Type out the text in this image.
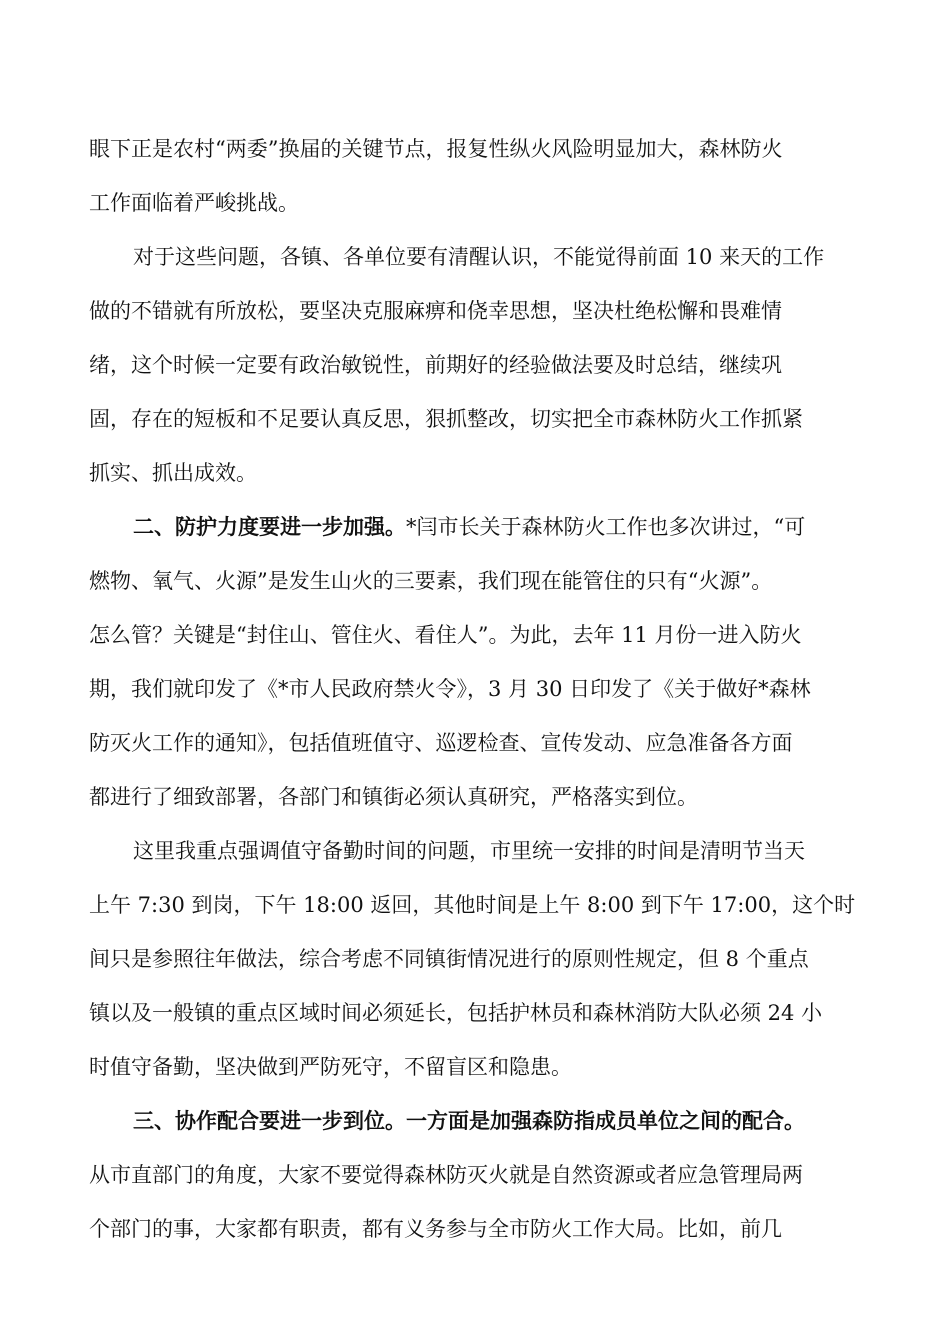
眼下正是农村“两委”换届的关键节点，报复性纵火风险明显加大，森林防火
工作面临着严峻挑战。
对于这些问题，各镇、各单位要有清醒认识，不能觉得前面 10 来天的工作
做的不错就有所放松，要坚决克服麻痹和侥幸思想，坚决杜绝松懈和畏难情
绪，这个时候一定要有政治敏锐性，前期好的经验做法要及时总结，继续巩
固，存在的短板和不足要认真反思，狠抓整改，切实把全市森林防火工作抓紧
抓实、抓出成效。
二、防护力度要进一步加强。*闫市长关于森林防火工作也多次讲过，“可
燃物、氧气、火源”是发生山火的三要素，我们现在能管住的只有“火源”。
怎么管？关键是“封住山、管住火、看住人”。为此，去年 11 月份一进入防火
期，我们就印发了《*市人民政府禁火令》，3 月 30 日印发了《关于做好*森林
防灭火工作的通知》，包括值班值守、巡逻检查、宣传发动、应急准备各方面
都进行了细致部署，各部门和镇街必须认真研究，严格落实到位。
这里我重点强调值守备勤时间的问题，市里统一安排的时间是清明节当天
上午 7:30 到岗，下午 18:00 返回，其他时间是上午 8:00 到下午 17:00，这个时
间只是参照往年做法，综合考虑不同镇街情况进行的原则性规定，但 8 个重点
镇以及一般镇的重点区域时间必须延长，包括护林员和森林消防大队必须 24 小
时值守备勤，坚决做到严防死守，不留盲区和隐患。
三、协作配合要进一步到位。一方面是加强森防指成员单位之间的配合。
从市直部门的角度，大家不要觉得森林防灭火就是自然资源或者应急管理局两
个部门的事，大家都有职责，都有义务参与全市防火工作大局。比如，前几
